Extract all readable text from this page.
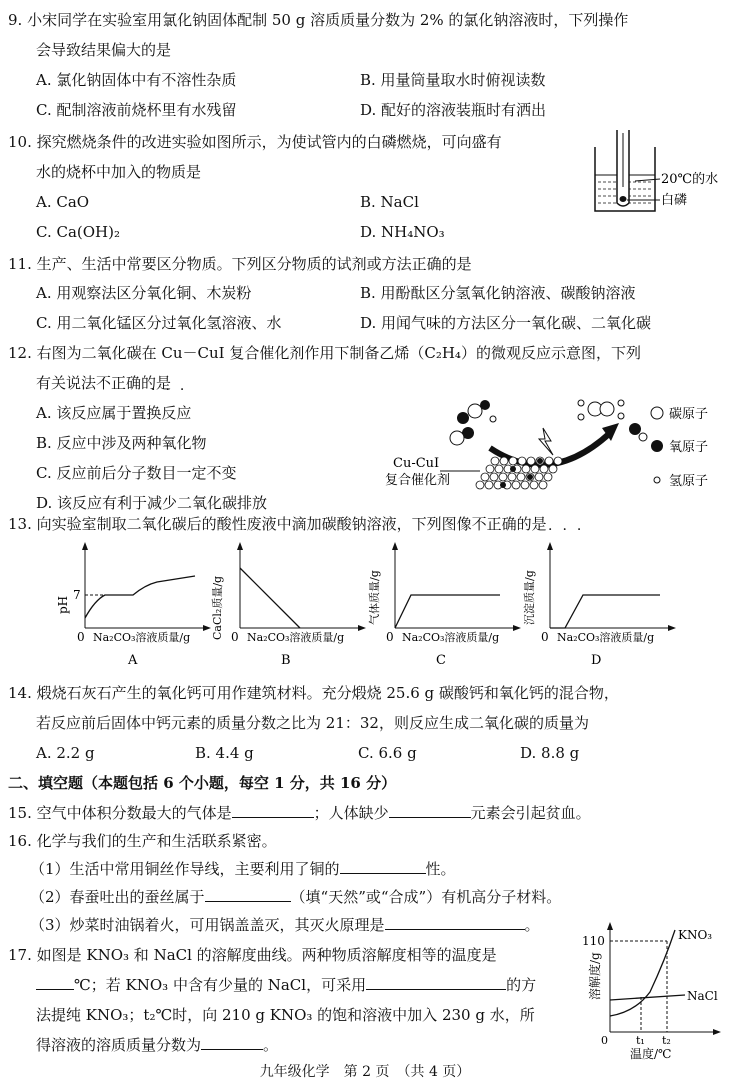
9. 小宋同学在实验室用氯化钠固体配制 50 g 溶质质量分数为 2% 的氯化钠溶液时，下列操作
会导致结果偏大的是
A. 氯化钠固体中有不溶性杂质	B. 用量筒量取水时俯视读数
C. 配制溶液前烧杯里有水残留	D. 配好的溶液装瓶时有洒出
10. 探究燃烧条件的改进实验如图所示，为使试管内的白磷燃烧，可向盛有
水的烧杯中加入的物质是
A. CaO	B. NaCl
C. Ca(OH)₂	D. NH₄NO₃
20℃的水
白磷
11. 生产、生活中常要区分物质。下列区分物质的试剂或方法正确的是
A. 用观察法区分氧化铜、木炭粉	B. 用酚酞区分氢氧化钠溶液、碳酸钠溶液
C. 用二氧化锰区分过氧化氢溶液、水	D. 用闻气味的方法区分一氧化碳、二氧化碳
12. 右图为二氧化碳在 Cu－CuI 复合催化剂作用下制备乙烯（C₂H₄）的微观反应示意图，下列
有关说法不正确的是
···
A. 该反应属于置换反应
B. 反应中涉及两种氧化物
C. 反应前后分子数目一定不变
D. 该反应有利于减少二氧化碳排放
Cu-CuI
复合催化剂
碳原子
氧原子
氢原子
13. 向实验室制取二氧化碳后的酸性废液中滴加碳酸钠溶液，下列图像不正确的是 ···
7
pH
0 Na₂CO₃溶液质量/g
A
CaCl₂质量/g 0 Na₂CO₃溶液质量/g
B
气体质量/g
0 Na₂CO₃溶液质量/g
C
沉淀质量/g
0 Na₂CO₃溶液质量/g
D
14. 煅烧石灰石产生的氧化钙可用作建筑材料。充分煅烧 25.6 g 碳酸钙和氧化钙的混合物，
若反应前后固体中钙元素的质量分数之比为 21：32，则反应生成二氧化碳的质量为
A. 2.2 g	B. 4.4 g	C. 6.6 g	D. 8.8 g
二、填空题（本题包括 6 个小题，每空 1 分，共 16 分）
15. 空气中体积分数最大的气体是	；人体缺少	元素会引起贫血。
16. 化学与我们的生产和生活联系紧密。
（1）生活中常用铜丝作导线，主要利用了铜的	性。
（2）春蚕吐出的蚕丝属于	（填“天然”或“合成”）有机高分子材料。
（3）炒菜时油锅着火，可用锅盖盖灭，其灭火原理是	。
17. 如图是 KNO₃ 和 NaCl 的溶解度曲线。两种物质溶解度相等的温度是
℃；若 KNO₃ 中含有少量的 NaCl，可采用	的方
法提纯 KNO₃；t₂℃时，向 210 g KNO₃ 的饱和溶液中加入 230 g 水，所
得溶液的溶质质量分数为	。
110
溶解度/g
0	t₁ t₂
温度/℃
KNO₃
NaCl
九年级化学　第 2 页　（共 4 页）
